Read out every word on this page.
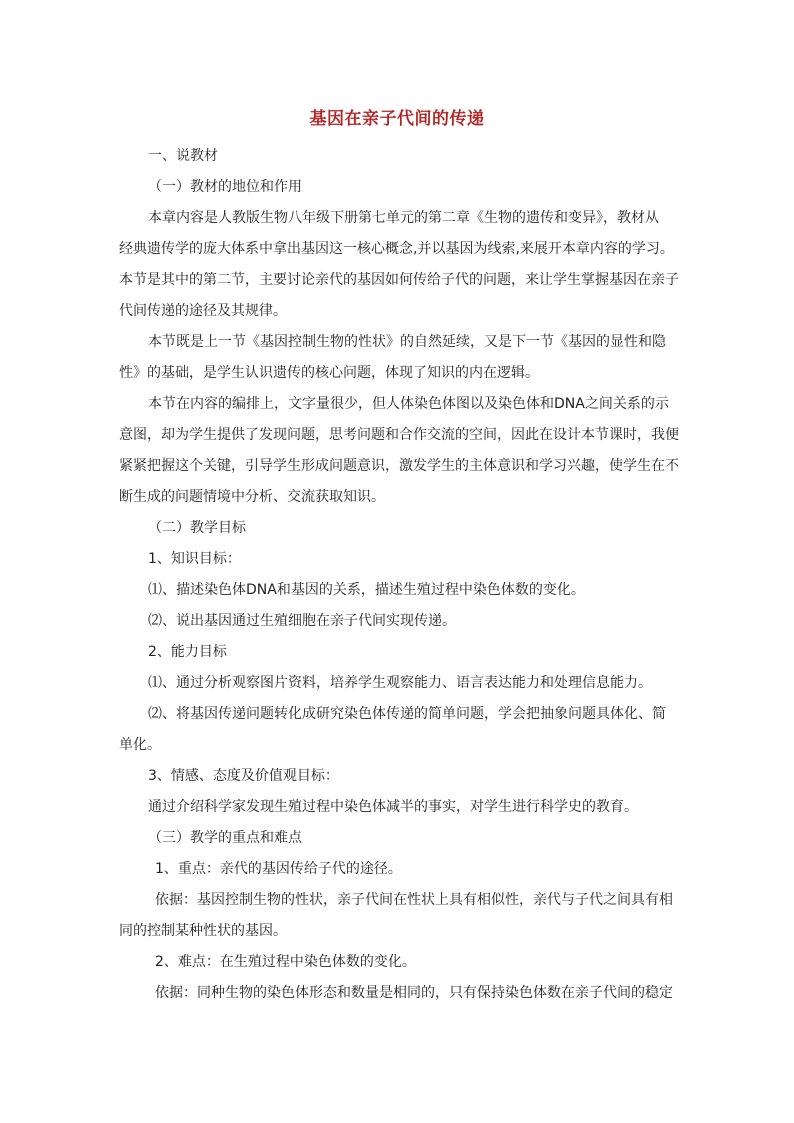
基因在亲子代间的传递
一、说教材
（一）教材的地位和作用
本章内容是人教版生物八年级下册第七单元的第二章《生物的遗传和变异》，教材从
经典遗传学的庞大体系中拿出基因这一核心概念,并以基因为线索,来展开本章内容的学习。
本节是其中的第二节，主要讨论亲代的基因如何传给子代的问题，来让学生掌握基因在亲子
代间传递的途径及其规律。
本节既是上一节《基因控制生物的性状》的自然延续，又是下一节《基因的显性和隐
性》的基础，是学生认识遗传的核心问题，体现了知识的内在逻辑。
本节在内容的编排上，文字量很少，但人体染色体图以及染色体和DNA之间关系的示
意图，却为学生提供了发现问题，思考问题和合作交流的空间，因此在设计本节课时，我便
紧紧把握这个关键，引导学生形成问题意识，激发学生的主体意识和学习兴趣，使学生在不
断生成的问题情境中分析、交流获取知识。
（二）教学目标
1、知识目标：
⑴、描述染色体DNA和基因的关系，描述生殖过程中染色体数的变化。
⑵、说出基因通过生殖细胞在亲子代间实现传递。
2、能力目标
⑴、通过分析观察图片资料，培养学生观察能力、语言表达能力和处理信息能力。
⑵、将基因传递问题转化成研究染色体传递的简单问题，学会把抽象问题具体化、简
单化。
3、情感、态度及价值观目标：
通过介绍科学家发现生殖过程中染色体减半的事实，对学生进行科学史的教育。
（三）教学的重点和难点
1、重点：亲代的基因传给子代的途径。
依据：基因控制生物的性状，亲子代间在性状上具有相似性，亲代与子代之间具有相
同的控制某种性状的基因。
2、难点：在生殖过程中染色体数的变化。
依据：同种生物的染色体形态和数量是相同的，只有保持染色体数在亲子代间的稳定
